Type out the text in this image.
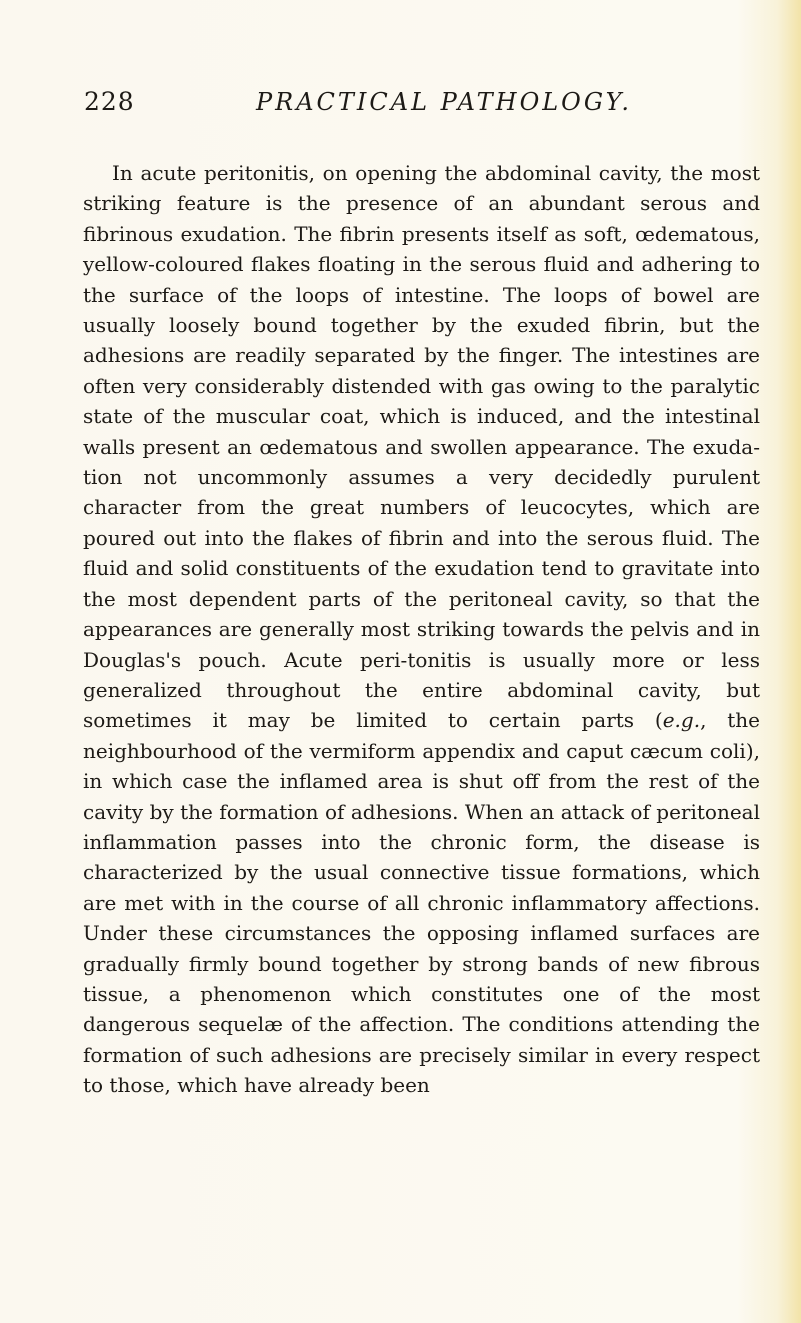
228	PRACTICAL PATHOLOGY.

In acute peritonitis, on opening the abdominal cavity, the most striking feature is the presence of an abundant serous and fibrinous exudation. The fibrin presents itself as soft, œdematous, yellow-coloured flakes floating in the serous fluid and adhering to the surface of the loops of intestine. The loops of bowel are usually loosely bound together by the exuded fibrin, but the adhesions are readily separated by the finger. The intestines are often very considerably distended with gas owing to the paralytic state of the muscular coat, which is induced, and the intestinal walls present an œdematous and swollen appearance. The exuda-tion not uncommonly assumes a very decidedly purulent character from the great numbers of leucocytes, which are poured out into the flakes of fibrin and into the serous fluid. The fluid and solid constituents of the exudation tend to gravitate into the most dependent parts of the peritoneal cavity, so that the appearances are generally most striking towards the pelvis and in Douglas's pouch. Acute peri-tonitis is usually more or less generalized throughout the entire abdominal cavity, but sometimes it may be limited to certain parts (e.g., the neighbourhood of the vermiform appendix and caput cæcum coli), in which case the inflamed area is shut off from the rest of the cavity by the formation of adhesions. When an attack of peritoneal inflammation passes into the chronic form, the disease is characterized by the usual connective tissue formations, which are met with in the course of all chronic inflammatory affections. Under these circumstances the opposing inflamed surfaces are gradually firmly bound together by strong bands of new fibrous tissue, a phenomenon which constitutes one of the most dangerous sequelæ of the affection. The conditions attending the formation of such adhesions are precisely similar in every respect to those, which have already been
